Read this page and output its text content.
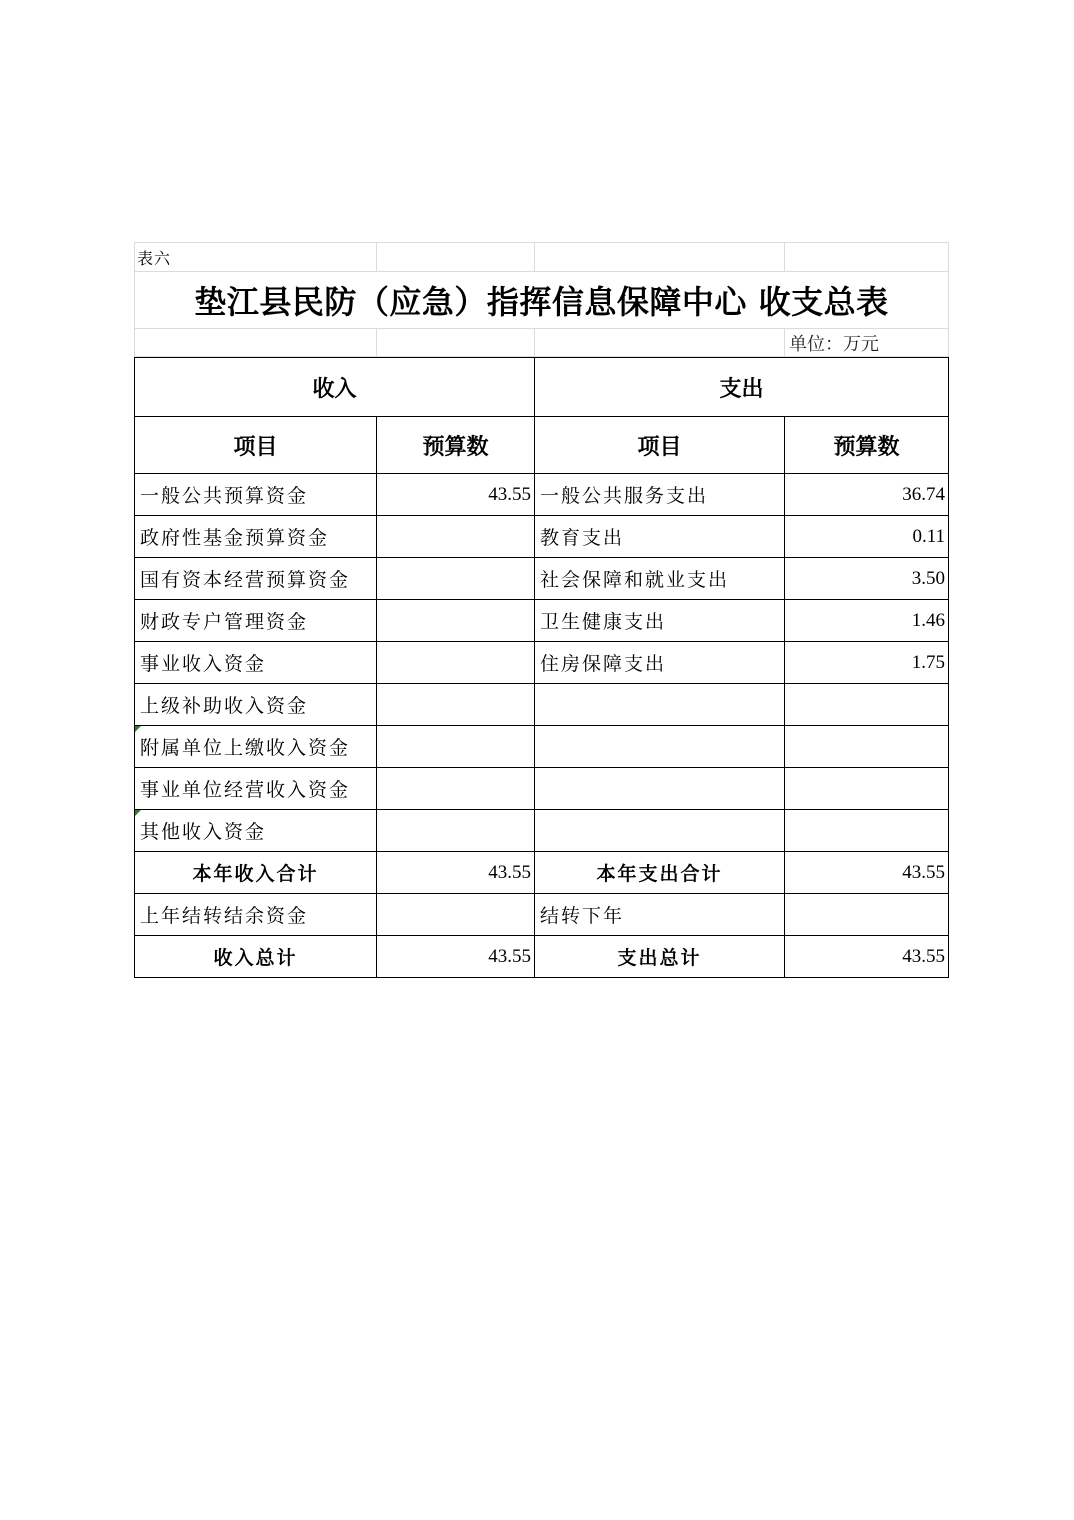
表六			
垫江县民防（应急）指挥信息保障中心 收支总表			
			单位：万元
收入		支出	
项目	预算数	项目	预算数
一般公共预算资金	43.55	一般公共服务支出	36.74
政府性基金预算资金		教育支出	0.11
国有资本经营预算资金		社会保障和就业支出	3.50
财政专户管理资金		卫生健康支出	1.46
事业收入资金		住房保障支出	1.75
上级补助收入资金			
附属单位上缴收入资金			
事业单位经营收入资金			
其他收入资金			
本年收入合计	43.55	本年支出合计	43.55
上年结转结余资金		结转下年	
收入总计	43.55	支出总计	43.55
